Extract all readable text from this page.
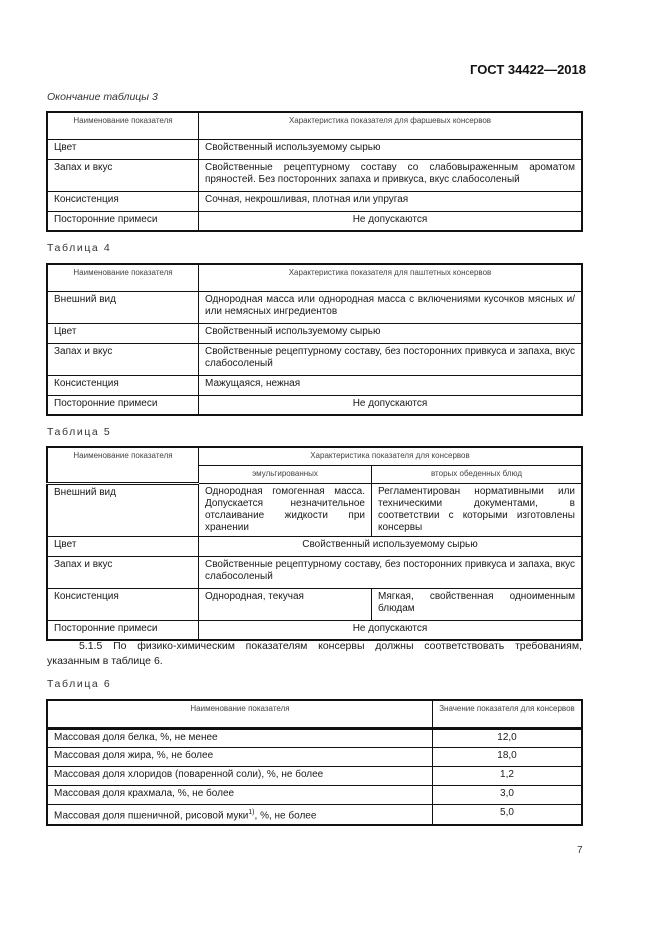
ГОСТ 34422—2018
Окончание таблицы 3
Наименование показателя	Характеристика показателя для фаршевых консервов
Цвет	Свойственный используемому сырью
Запах и вкус	Свойственные рецептурному составу со слабовыраженным ароматом пряностей. Без посторонних запаха и привкуса, вкус слабосоленый
Консистенция	Сочная, некрошливая, плотная или упругая
Посторонние примеси	Не допускаются
Таблица 4
Наименование показателя	Характеристика показателя для паштетных консервов
Внешний вид	Однородная масса или однородная масса с включениями кусочков мясных и/или немясных ингредиентов
Цвет	Свойственный используемому сырью
Запах и вкус	Свойственные рецептурному составу, без посторонних привкуса и запаха, вкус слабосоленый
Консистенция	Мажущаяся, нежная
Посторонние примеси	Не допускаются
Таблица 5
Наименование показателя	Характеристика показателя для консервов	
	эмульгированных	вторых обеденных блюд
Внешний вид	Однородная гомогенная масса. Допускается незначительное отслаивание жидкости при хранении	Регламентирован нормативными или техническими документами, в соответствии с которыми изготовлены консервы
Цвет	Свойственный используемому сырью	
Запах и вкус	Свойственные рецептурному составу, без посторонних привкуса и запаха, вкус слабосоленый	
Консистенция	Однородная, текучая	Мягкая, свойственная одноименным блюдам
Посторонние примеси	Не допускаются	
5.1.5 По физико-химическим показателям консервы должны соответствовать требованиям, указанным в таблице 6.
Таблица 6
Наименование показателя	Значение показателя для консервов
Массовая доля белка, %, не менее	12,0
Массовая доля жира, %, не более	18,0
Массовая доля хлоридов (поваренной соли), %, не более	1,2
Массовая доля крахмала, %, не более	3,0
Массовая доля пшеничной, рисовой муки$^{1)}$, %, не более	5,0
7
